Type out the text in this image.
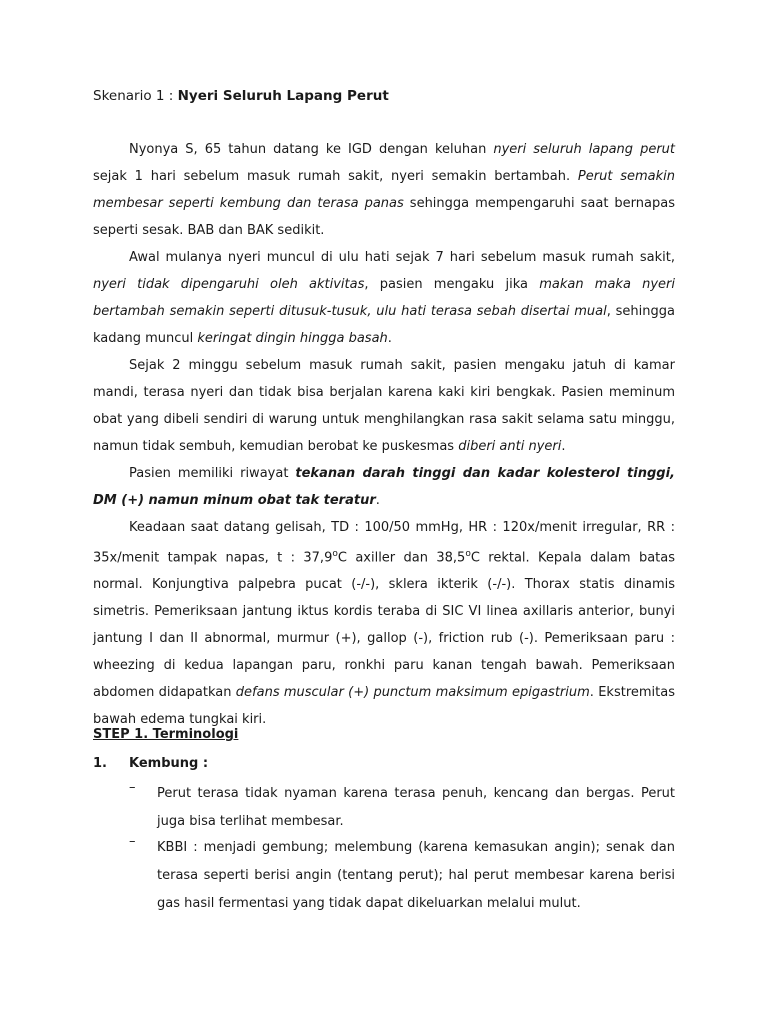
Skenario 1 : Nyeri Seluruh Lapang Perut

Nyonya S, 65 tahun datang ke IGD dengan keluhan nyeri seluruh lapang perut sejak 1 hari sebelum masuk rumah sakit, nyeri semakin bertambah. Perut semakin membesar seperti kembung dan terasa panas sehingga mempengaruhi saat bernapas seperti sesak. BAB dan BAK sedikit.

Awal mulanya nyeri muncul di ulu hati sejak 7 hari sebelum masuk rumah sakit, nyeri tidak dipengaruhi oleh aktivitas, pasien mengaku jika makan maka nyeri bertambah semakin seperti ditusuk-tusuk, ulu hati terasa sebah disertai mual, sehingga kadang muncul keringat dingin hingga basah.

Sejak 2 minggu sebelum masuk rumah sakit, pasien mengaku jatuh di kamar mandi, terasa nyeri dan tidak bisa berjalan karena kaki kiri bengkak. Pasien meminum obat yang dibeli sendiri di warung untuk menghilangkan rasa sakit selama satu minggu, namun tidak sembuh, kemudian berobat ke puskesmas diberi anti nyeri.

Pasien memiliki riwayat tekanan darah tinggi dan kadar kolesterol tinggi, DM (+) namun minum obat tak teratur.

Keadaan saat datang gelisah, TD : 100/50 mmHg, HR : 120x/menit irregular, RR : 35x/menit tampak napas, t : 37,9$^o$C axiller dan 38,5$^o$C rektal. Kepala dalam batas normal. Konjungtiva palpebra pucat (-/-), sklera ikterik (-/-). Thorax statis dinamis simetris. Pemeriksaan jantung iktus kordis teraba di SIC VI linea axillaris anterior, bunyi jantung I dan II abnormal, murmur (+), gallop (-), friction rub (-). Pemeriksaan paru : wheezing di kedua lapangan paru, ronkhi paru kanan tengah bawah. Pemeriksaan abdomen didapatkan defans muscular (+) punctum maksimum epigastrium. Ekstremitas bawah edema tungkai kiri.

STEP 1. Terminologi
1. Kembung :
–	Perut terasa tidak nyaman karena terasa penuh, kencang dan bergas. Perut juga bisa terlihat membesar.
–	KBBI : menjadi gembung; melembung (karena kemasukan angin); senak dan terasa seperti berisi angin (tentang perut); hal perut membesar karena berisi gas hasil fermentasi yang tidak dapat dikeluarkan melalui mulut.
